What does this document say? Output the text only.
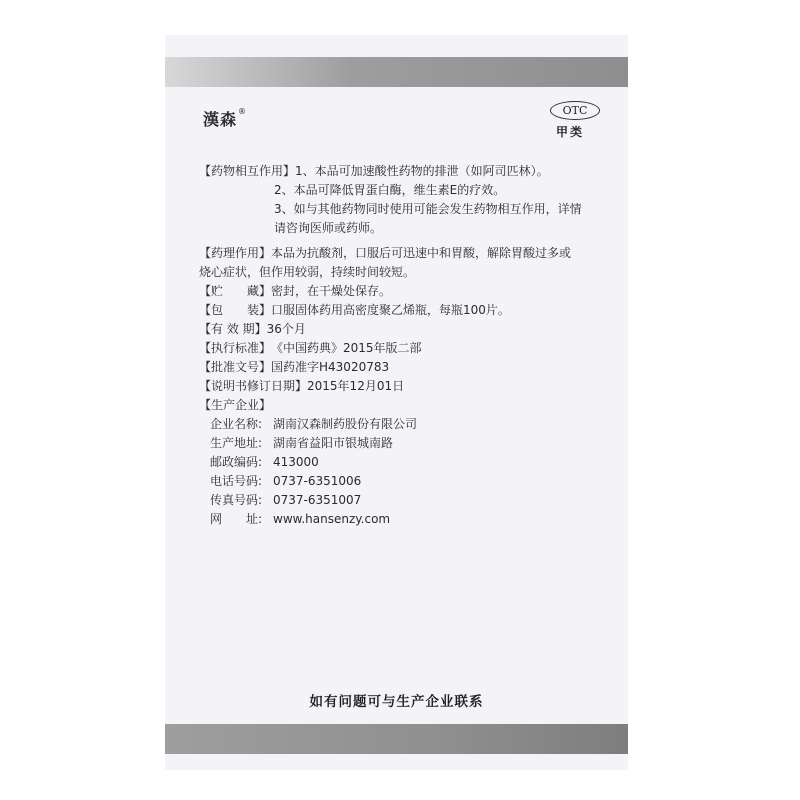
漢森®	OTC
甲类
【药物相互作用】 1、本品可加速酸性药物的排泄（如阿司匹林）。
2、本品可降低胃蛋白酶，维生素E的疗效。
3、如与其他药物同时使用可能会发生药物相互作用，详情
请咨询医师或药师。
【药理作用】 本品为抗酸剂，口服后可迅速中和胃酸，解除胃酸过多或
烧心症状，但作用较弱，持续时间较短。
【贮　　藏】 密封，在干燥处保存。
【包　　装】 口服固体药用高密度聚乙烯瓶，每瓶100片。
【有 效 期】 36个月
【执行标准】 《中国药典》2015年版二部
【批准文号】 国药准字H43020783
【说明书修订日期】 2015年12月01日
【生产企业】
企业名称: 湖南汉森制药股份有限公司
生产地址: 湖南省益阳市银城南路
邮政编码: 413000
电话号码: 0737-6351006
传真号码: 0737-6351007
网　　址: www.hansenzy.com
如有问题可与生产企业联系
